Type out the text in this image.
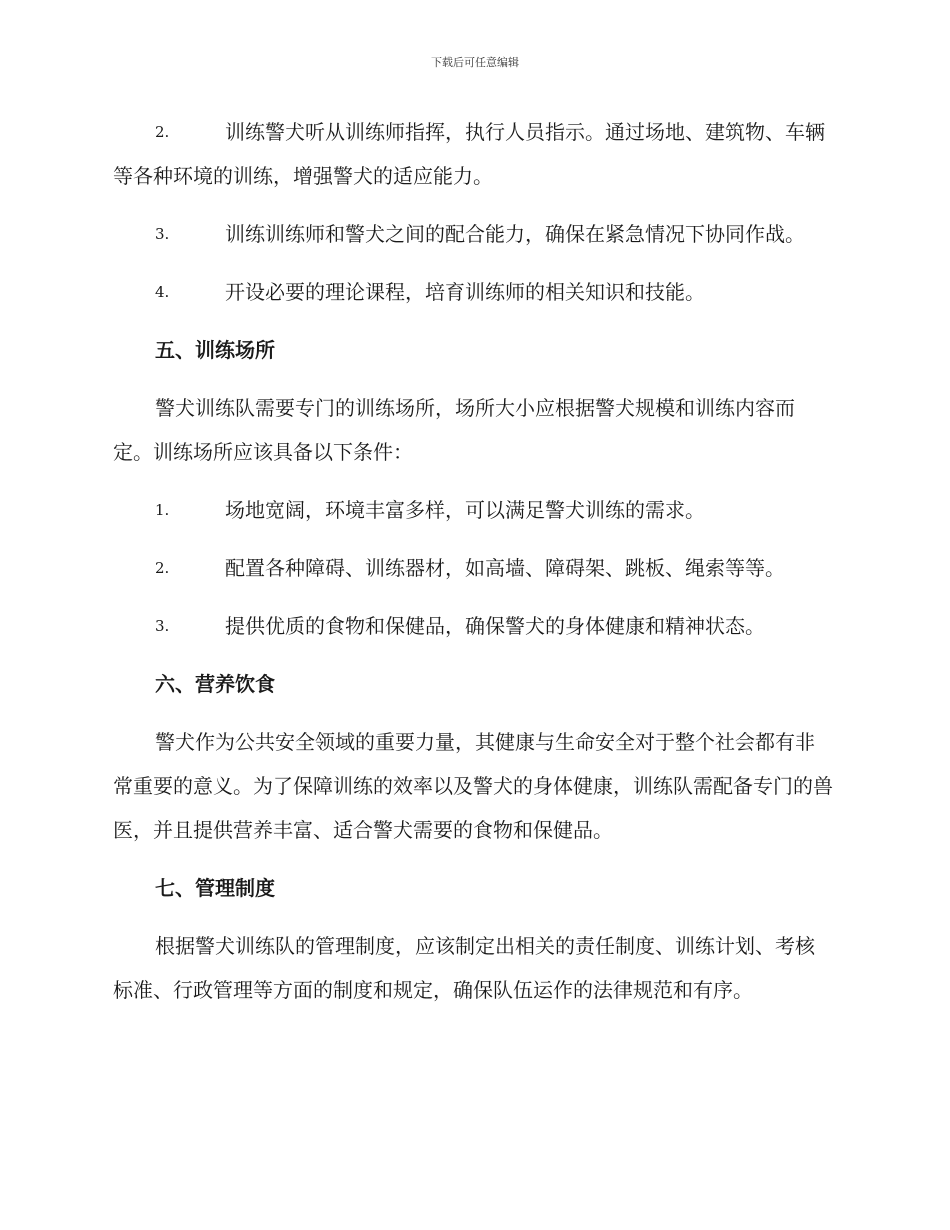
下载后可任意编辑
2.	训练警犬听从训练师指挥，执行人员指示。通过场地、建筑物、车辆等各种环境的训练，增强警犬的适应能力。
3.	训练训练师和警犬之间的配合能力，确保在紧急情况下协同作战。
4.	开设必要的理论课程，培育训练师的相关知识和技能。
五、训练场所
警犬训练队需要专门的训练场所，场所大小应根据警犬规模和训练内容而定。训练场所应该具备以下条件：
1.	场地宽阔，环境丰富多样，可以满足警犬训练的需求。
2.	配置各种障碍、训练器材，如高墙、障碍架、跳板、绳索等等。
3.	提供优质的食物和保健品，确保警犬的身体健康和精神状态。
六、营养饮食
警犬作为公共安全领域的重要力量，其健康与生命安全对于整个社会都有非常重要的意义。为了保障训练的效率以及警犬的身体健康，训练队需配备专门的兽医，并且提供营养丰富、适合警犬需要的食物和保健品。
七、管理制度
根据警犬训练队的管理制度，应该制定出相关的责任制度、训练计划、考核标准、行政管理等方面的制度和规定，确保队伍运作的法律规范和有序。
